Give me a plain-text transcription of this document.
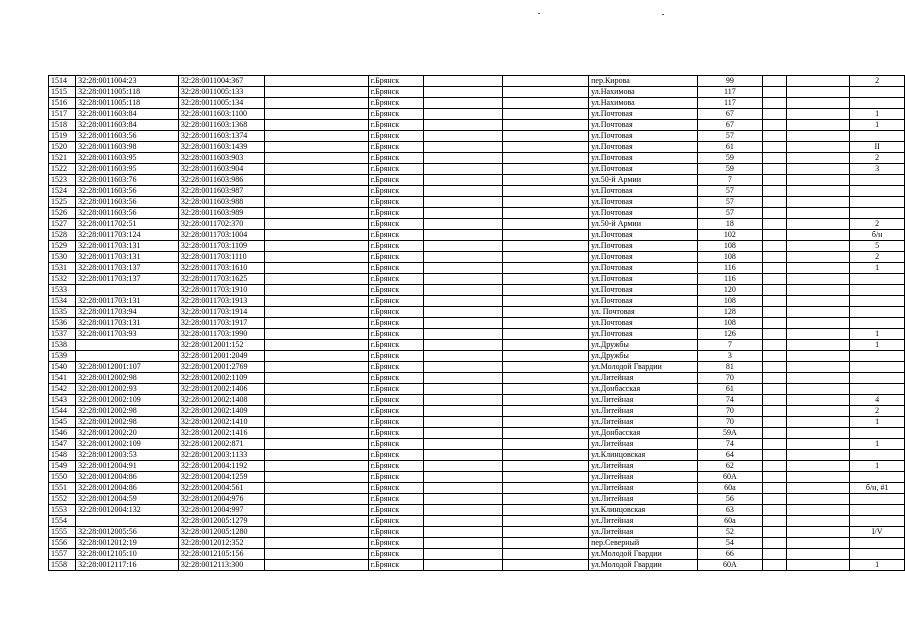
1514	32:28:0011004:23	32:28:0011004:367		г.Брянск			пер.Кирова	99			2
1515	32:28:0011005:118	32:28:0011005:133		г.Брянск			ул.Нахимова	117			
1516	32:28:0011005:118	32:28:0011005:134		г.Брянск			ул.Нахимова	117			
1517	32:28:0011603:84	32:28:0011603:1100		г.Брянск			ул.Почтовая	67			1
1518	32:28:0011603:84	32:28:0011603:1368		г.Брянск			ул.Почтовая	67			1
1519	32:28:0011603:56	32:28:0011603:1374		г.Брянск			ул.Почтовая	57			
1520	32:28:0011603:98	32:28:0011603:1439		г.Брянск			ул.Почтовая	61			II
1521	32:28:0011603:95	32:28:0011603:903		г.Брянск			ул.Почтовая	59			2
1522	32:28:0011603:95	32:28:0011603:904		г.Брянск			ул.Почтовая	59			3
1523	32:28:0011603:76	32:28:0011603:986		г.Брянск			ул.50-й Армии	7			
1524	32:28:0011603:56	32:28:0011603:987		г.Брянск			ул.Почтовая	57			
1525	32:28:0011603:56	32:28:0011603:988		г.Брянск			ул.Почтовая	57			
1526	32:28:0011603:56	32:28:0011603:989		г.Брянск			ул.Почтовая	57			
1527	32:28:0011702:51	32:28:0011702:370		г.Брянск			ул.50-й Армии	18			2
1528	32:28:0011703:124	32:28:0011703:1004		г.Брянск			ул.Почтовая	102			б/н
1529	32:28:0011703:131	32:28:0011703:1109		г.Брянск			ул.Почтовая	108			5
1530	32:28:0011703:131	32:28:0011703:1110		г.Брянск			ул.Почтовая	108			2
1531	32:28:0011703:137	32:28:0011703:1610		г.Брянск			ул.Почтовая	116			1
1532	32:28:0011703:137	32:28:0011703:1625		г.Брянск			ул.Почтовая	116			
1533		32:28:0011703:1910		г.Брянск			ул.Почтовая	120			
1534	32:28:0011703:131	32:28:0011703:1913		г.Брянск			ул.Почтовая	108			
1535	32:28:0011703:94	32:28:0011703:1914		г.Брянск			ул. Почтовая	128			
1536	32:28:0011703:131	32:28:0011703:1917		г.Брянск			ул.Почтовая	108			
1537	32:28:0011703:93	32:28:0011703:1990		г.Брянск			ул.Почтовая	126			1
1538		32:28:0012001:152		г.Брянск			ул.Дружбы	7			1
1539		32:28:0012001:2049		г.Брянск			ул.Дружбы	3			
1540	32:28:0012001:107	32:28:0012001:2769		г.Брянск			ул.Молодой Гвардии	81			
1541	32:28:0012002:98	32:28:0012002:1109		г.Брянск			ул.Литейная	70			
1542	32:28:0012002:93	32:28:0012002:1406		г.Брянск			ул.Донбасская	61			
1543	32:28:0012002:109	32:28:0012002:1408		г.Брянск			ул.Литейная	74			4
1544	32:28:0012002:98	32:28:0012002:1409		г.Брянск			ул.Литейная	70			2
1545	32:28:0012002:98	32:28:0012002:1410		г.Брянск			ул.Литейная	70			1
1546	32:28:0012002:20	32:28:0012002:1416		г.Брянск			ул.Донбасская	59А			
1547	32:28:0012002:109	32:28:0012002:871		г.Брянск			ул.Литейная	74			1
1548	32:28:0012003:53	32:28:0012003:1133		г.Брянск			ул.Клинцовская	64			
1549	32:28:0012004:91	32:28:0012004:1192		г.Брянск			ул.Литейная	62			1
1550	32:28:0012004:86	32:28:0012004:1259		г.Брянск			ул.Литейная	60А			
1551	32:28:0012004:86	32:28:0012004:561		г.Брянск			ул.Литейная	60а			б/н, #1
1552	32:28:0012004:59	32:28:0012004:976		г.Брянск			ул.Литейная	56			
1553	32:28:0012004:132	32:28:0012004:997		г.Брянск			ул.Клинцовская	63			
1554		32:28:0012005:1279		г.Брянск			ул.Литейная	60а			
1555	32:28:0012005:56	32:28:0012005:1280		г.Брянск			ул.Литейная	52			I/V
1556	32:28:0012012:19	32:28:0012012:352		г.Брянск			пер.Северный	54			
1557	32:28:0012105:10	32:28:0012105:156		г.Брянск			ул.Молодой Гвардии	66			
1558	32:28:0012117:16	32:28:0012113:300		г.Брянск			ул.Молодой Гвардии	60А			1
